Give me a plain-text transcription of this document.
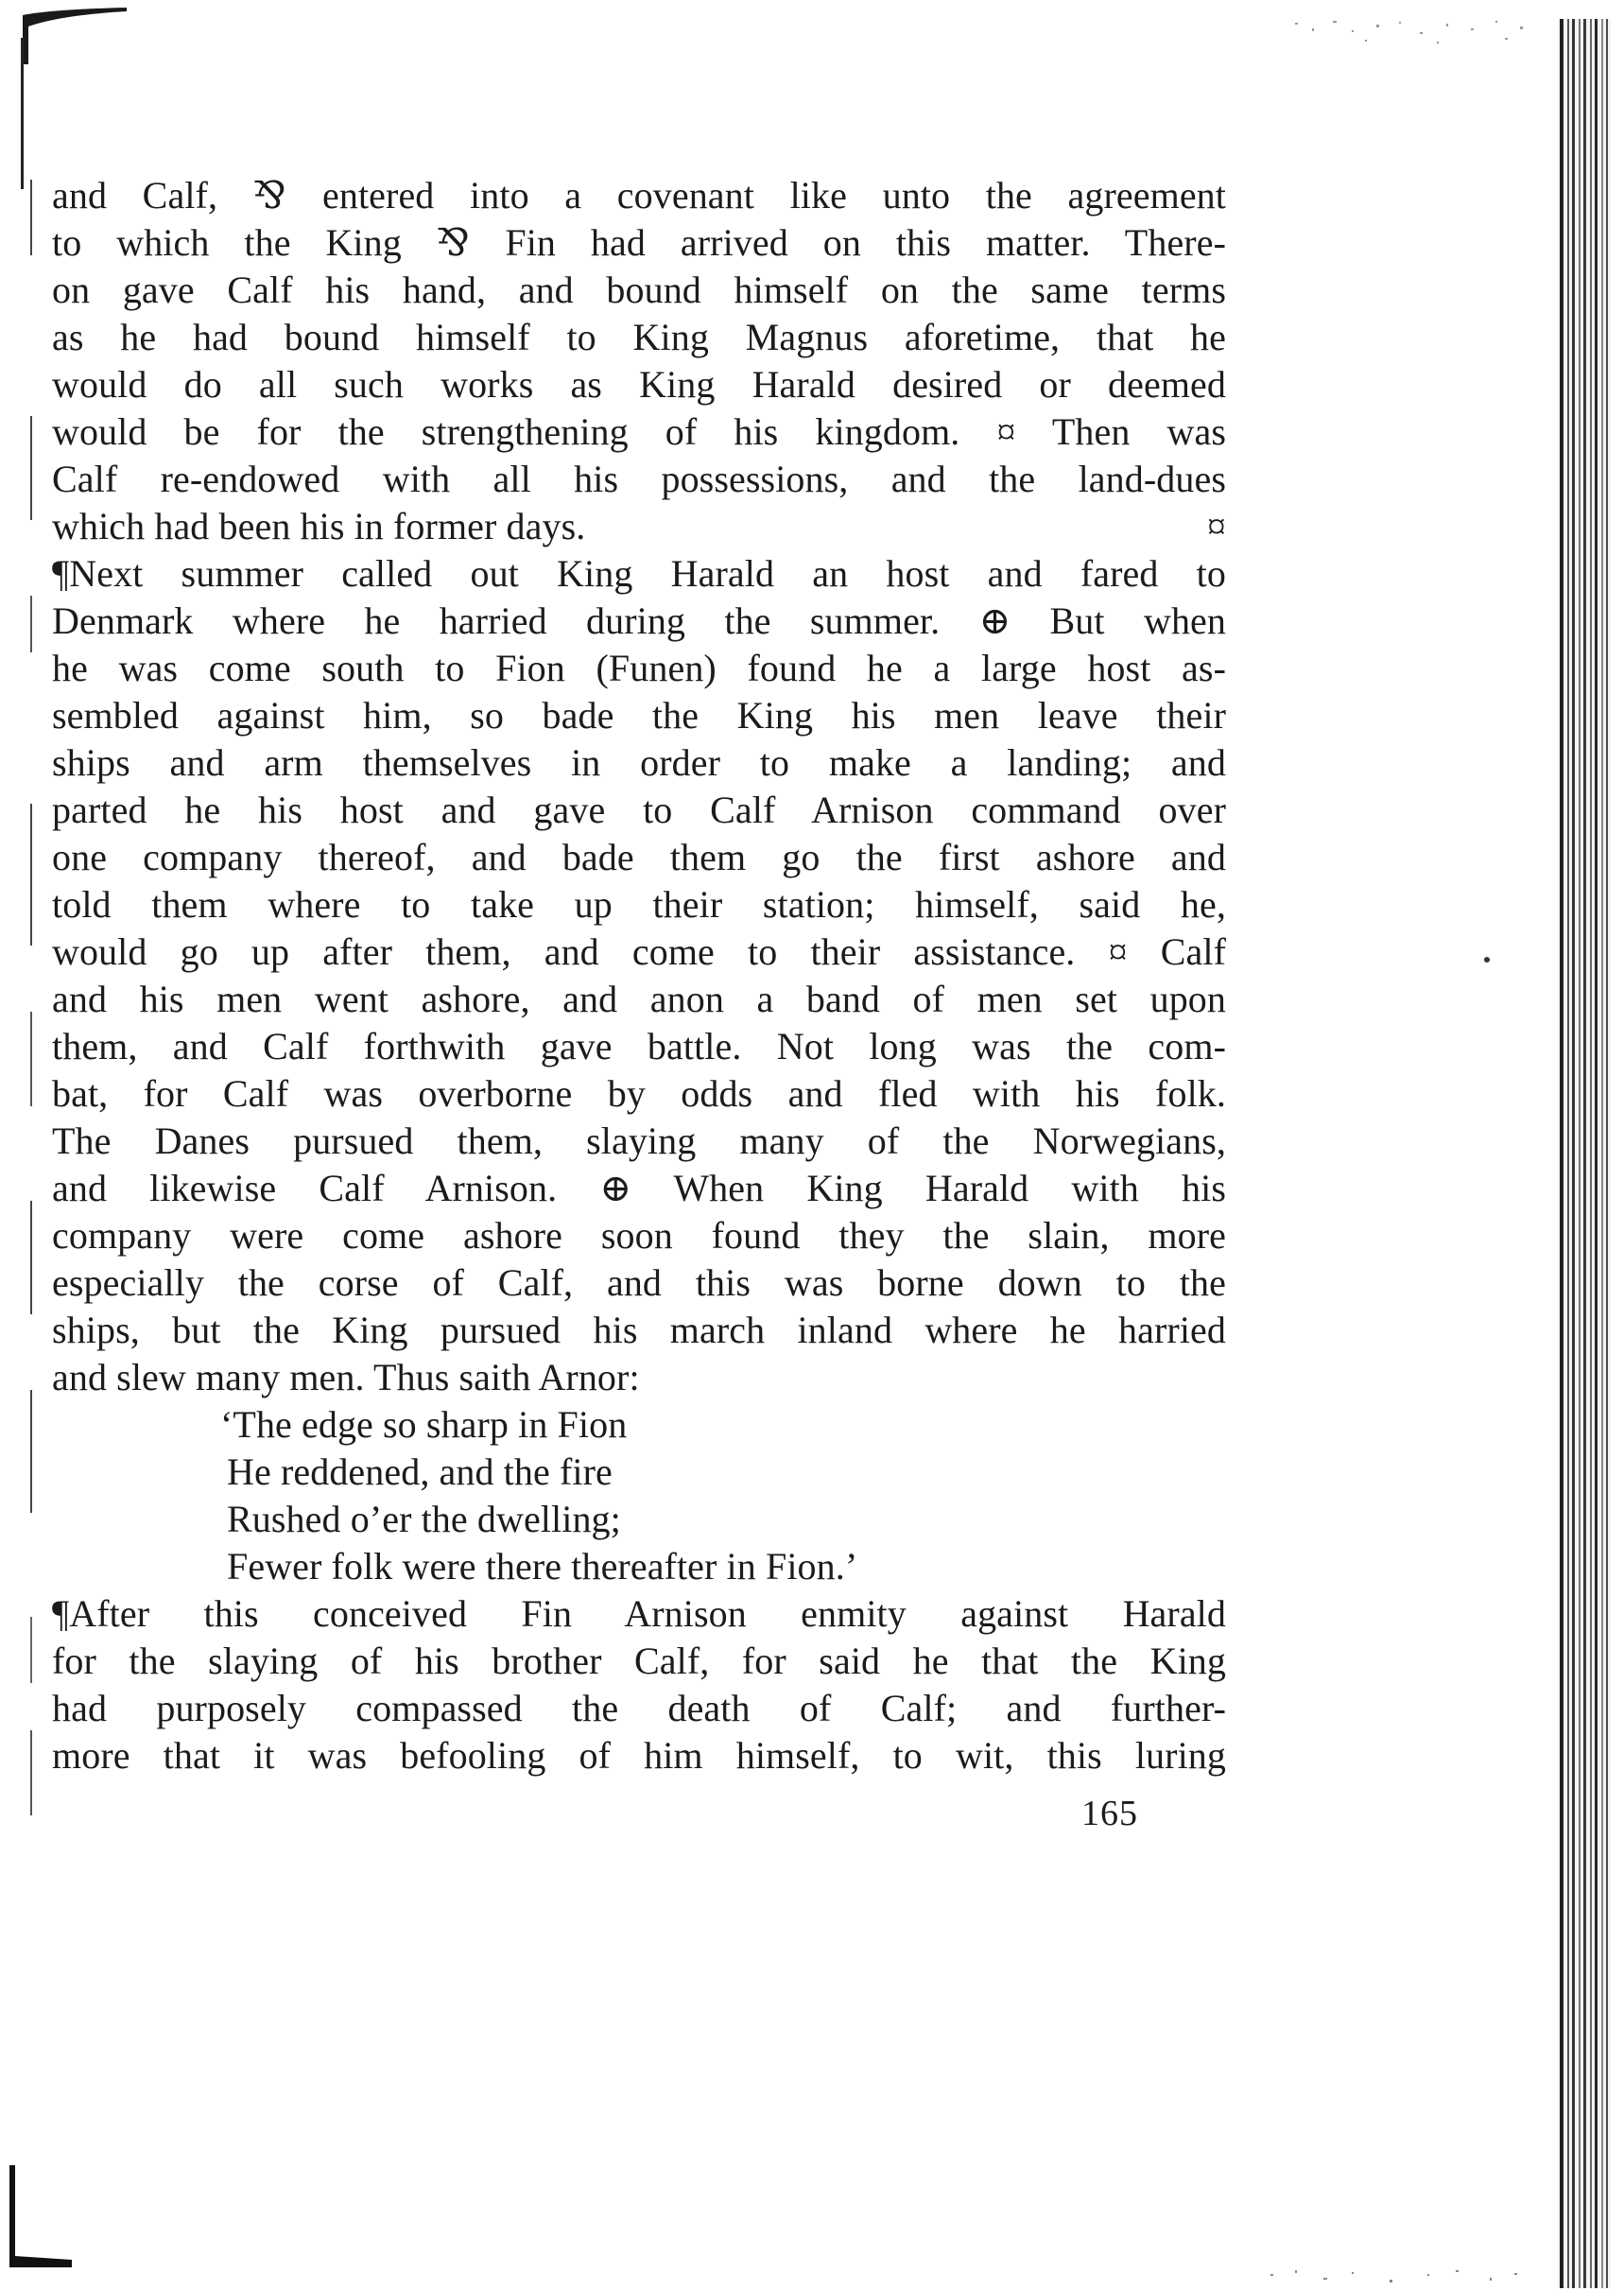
and Calf, ⅋ entered into a covenant like unto the agreement
to which the King ⅋ Fin had arrived on this matter. There-
on gave Calf his hand, and bound himself on the same terms
as he had bound himself to King Magnus aforetime, that he
would do all such works as King Harald desired or deemed
would be for the strengthening of his kingdom. ¤ Then was
Calf re-endowed with all his possessions, and the land-dues
which had been his in former days.	¤
¶Next summer called out King Harald an host and fared to
Denmark where he harried during the summer. ⊕ But when
he was come south to Fion (Funen) found he a large host as-
sembled against him, so bade the King his men leave their
ships and arm themselves in order to make a landing; and
parted he his host and gave to Calf Arnison command over
one company thereof, and bade them go the first ashore and
told them where to take up their station; himself, said he,
would go up after them, and come to their assistance. ¤ Calf
and his men went ashore, and anon a band of men set upon
them, and Calf forthwith gave battle. Not long was the com-
bat, for Calf was overborne by odds and fled with his folk.
The Danes pursued them, slaying many of the Norwegians,
and likewise Calf Arnison. ⊕ When King Harald with his
company were come ashore soon found they the slain, more
especially the corse of Calf, and this was borne down to the
ships, but the King pursued his march inland where he harried
and slew many men. Thus saith Arnor:
‘The edge so sharp in Fion
He reddened, and the fire
Rushed o’er the dwelling;
Fewer folk were there thereafter in Fion.’
¶After this conceived Fin Arnison enmity against Harald
for the slaying of his brother Calf, for said he that the King
had purposely compassed the death of Calf; and further-
more that it was befooling of him himself, to wit, this luring
165
